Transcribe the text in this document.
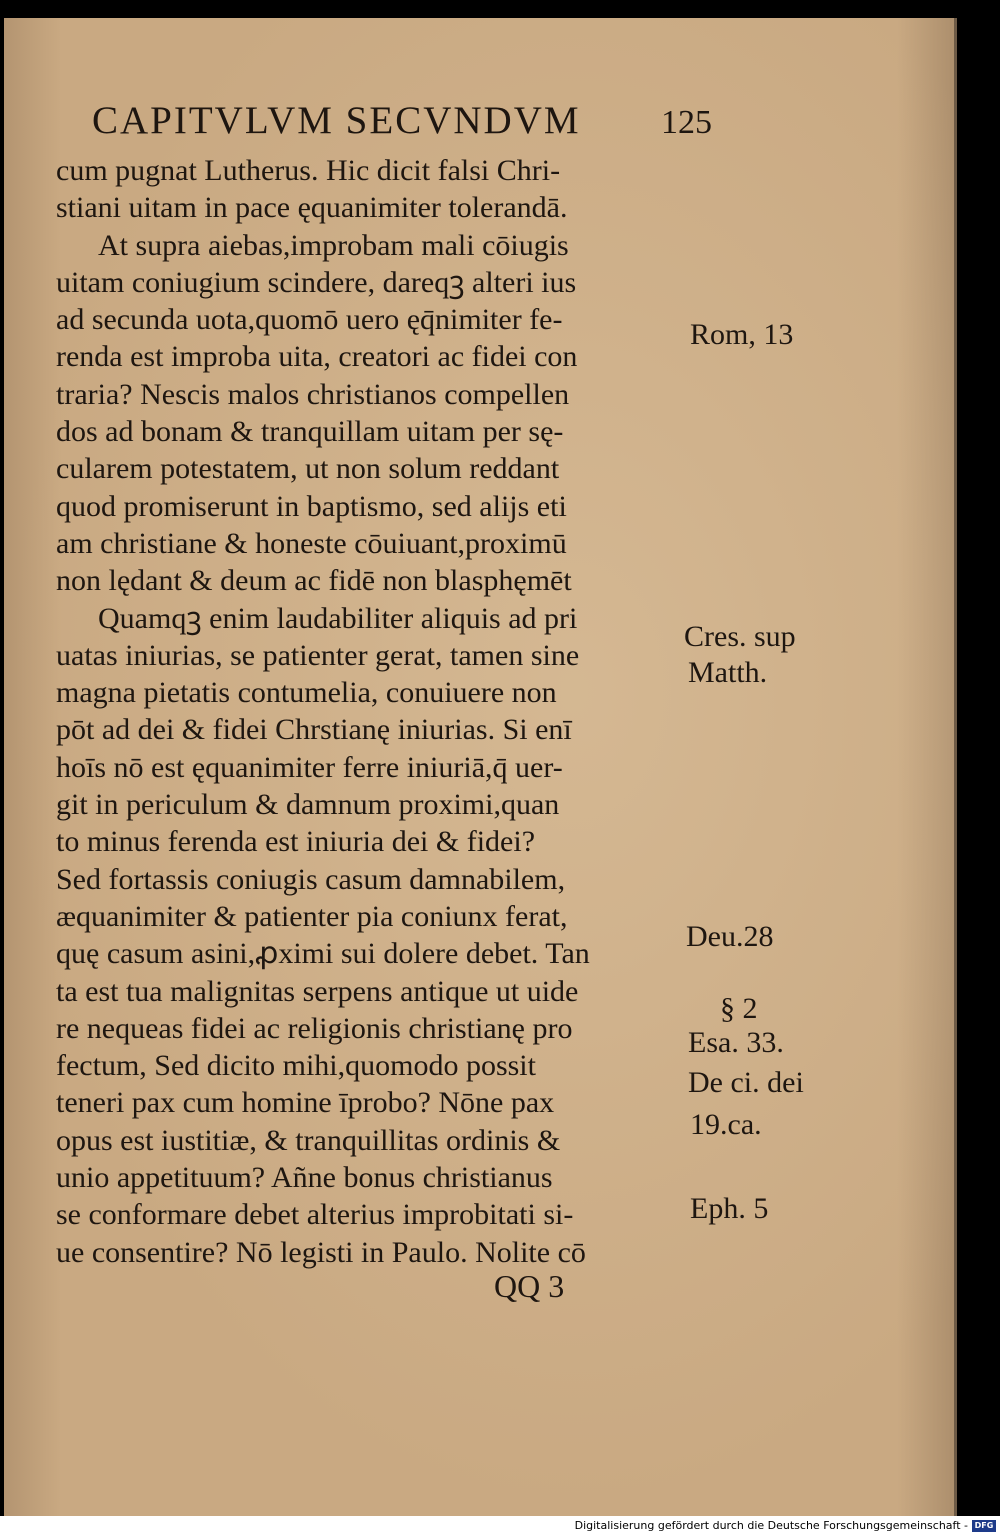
CAPITVLVM SECVNDVM 125
cum pugnat Lutherus. Hic dicit falsi Chri-
stiani uitam in pace ęquanimiter tolerandā.
At supra aiebas,improbam mali cōiugis
uitam coniugium scindere, dareqꝫ alteri ius
ad secunda uota,quomō uero ęq̄nimiter fe-
renda est improba uita, creatori ac fidei con
traria? Nescis malos christianos compellen
dos ad bonam & tranquillam uitam per sę-
cularem potestatem, ut non solum reddant
quod promiserunt in baptismo, sed alijs eti
am christiane & honeste cōuiuant,proximū
non lędant & deum ac fidē non blasphęmēt
Quamqꝫ enim laudabiliter aliquis ad pri
uatas iniurias, se patienter gerat, tamen sine
magna pietatis contumelia, conuiuere non
pōt ad dei & fidei Chrstianę iniurias. Si enī
hoīs nō est ęquanimiter ferre iniuriā,q̄ uer-
git in periculum & damnum proximi,quan
to minus ferenda est iniuria dei & fidei?
Sed fortassis coniugis casum damnabilem,
æquanimiter & patienter pia coniunx ferat,
quę casum asini,ꝓximi sui dolere debet. Tan
ta est tua malignitas serpens antique ut uide
re nequeas fidei ac religionis christianę pro
fectum, Sed dicito mihi,quomodo possit
teneri pax cum homine īprobo? Nōne pax
opus est iustitiæ, & tranquillitas ordinis &
unio appetituum? Añne bonus christianus
se conformare debet alterius improbitati si-
ue consentire? Nō legisti in Paulo. Nolite cō
Rom, 13
Cres. sup
Matth.
Deu.28
§ 2
Esa. 33.
De ci. dei
19.ca.
Eph. 5
QQ 3
Digitalisierung gefördert durch die Deutsche Forschungsgemeinschaft - DFG
